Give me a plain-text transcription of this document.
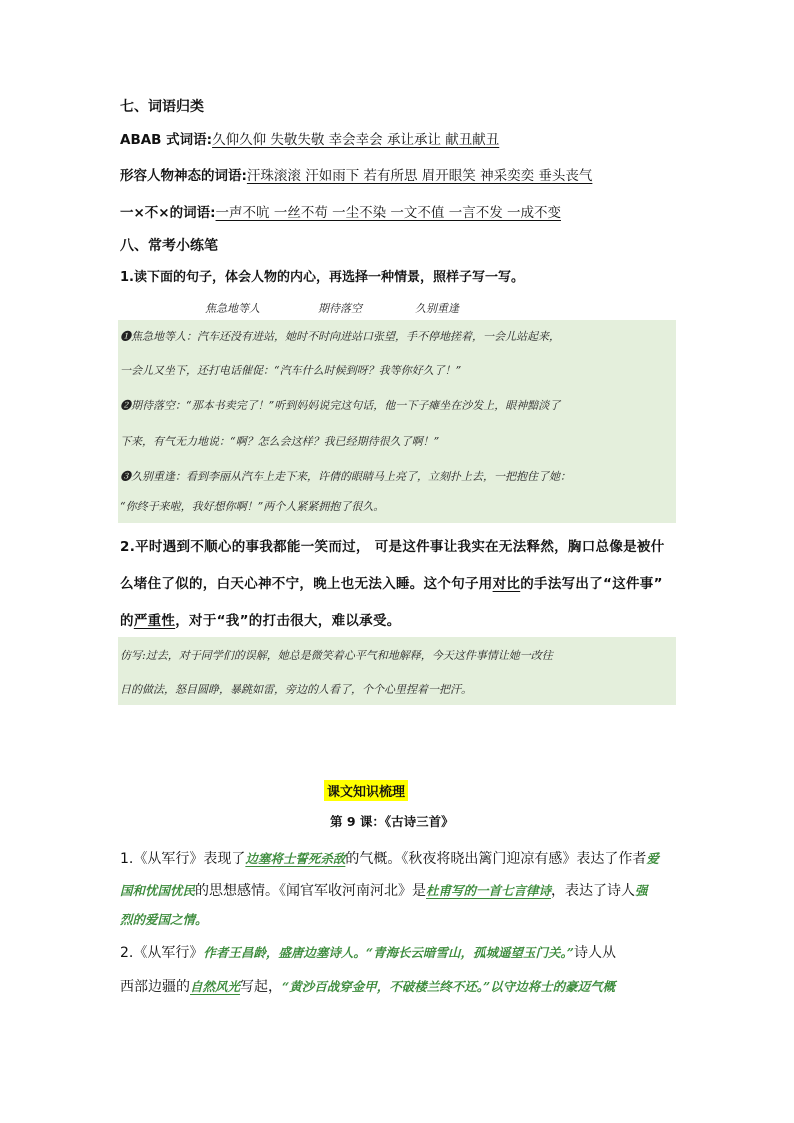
七、词语归类
ABAB 式词语:久仰久仰 失敬失敬 幸会幸会 承让承让 献丑献丑
形容人物神态的词语:汗珠滚滚 汗如雨下 若有所思 眉开眼笑 神采奕奕 垂头丧气
一×不×的词语:一声不吭 一丝不苟 一尘不染 一文不值 一言不发 一成不变
八、常考小练笔
1.读下面的句子，体会人物的内心，再选择一种情景，照样子写一写。
焦急地等人	期待落空	久别重逢
❶焦急地等人：汽车还没有进站，她时不时向进站口张望，手不停地搓着，一会儿站起来，
一会儿又坐下，还打电话催促：“汽车什么时候到呀？我等你好久了！”
❷期待落空：“那本书卖完了！”听到妈妈说完这句话，他一下子瘫坐在沙发上，眼神黯淡了
下来，有气无力地说：“啊？怎么会这样？我已经期待很久了啊！”
❸久别重逢：看到李丽从汽车上走下来，许倩的眼睛马上亮了，立刻扑上去，一把抱住了她：
“你终于来啦，我好想你啊！”两个人紧紧拥抱了很久。
2.平时遇到不顺心的事我都能一笑而过， 可是这件事让我实在无法释然，胸口总像是被什
么堵住了似的，白天心神不宁，晚上也无法入睡。这个句子用对比的手法写出了“这件事”
的严重性，对于“我”的打击很大，难以承受。
仿写:过去，对于同学们的误解，她总是微笑着心平气和地解释，今天这件事情让她一改往
日的做法，怒目圆睁，暴跳如雷，旁边的人看了，个个心里捏着一把汗。
课文知识梳理
第 9 课：《古诗三首》
1.《从军行》表现了边塞将士誓死杀敌的气概。《秋夜将晓出篱门迎凉有感》表达了作者爱
国和忧国忧民的思想感情。《闻官军收河南河北》是杜甫写的一首七言律诗，表达了诗人强
烈的爱国之情。
2.《从军行》作者王昌龄，盛唐边塞诗人。“青海长云暗雪山，孤城遥望玉门关。”诗人从
西部边疆的自然风光写起，“黄沙百战穿金甲，不破楼兰终不还。”以守边将士的豪迈气概
